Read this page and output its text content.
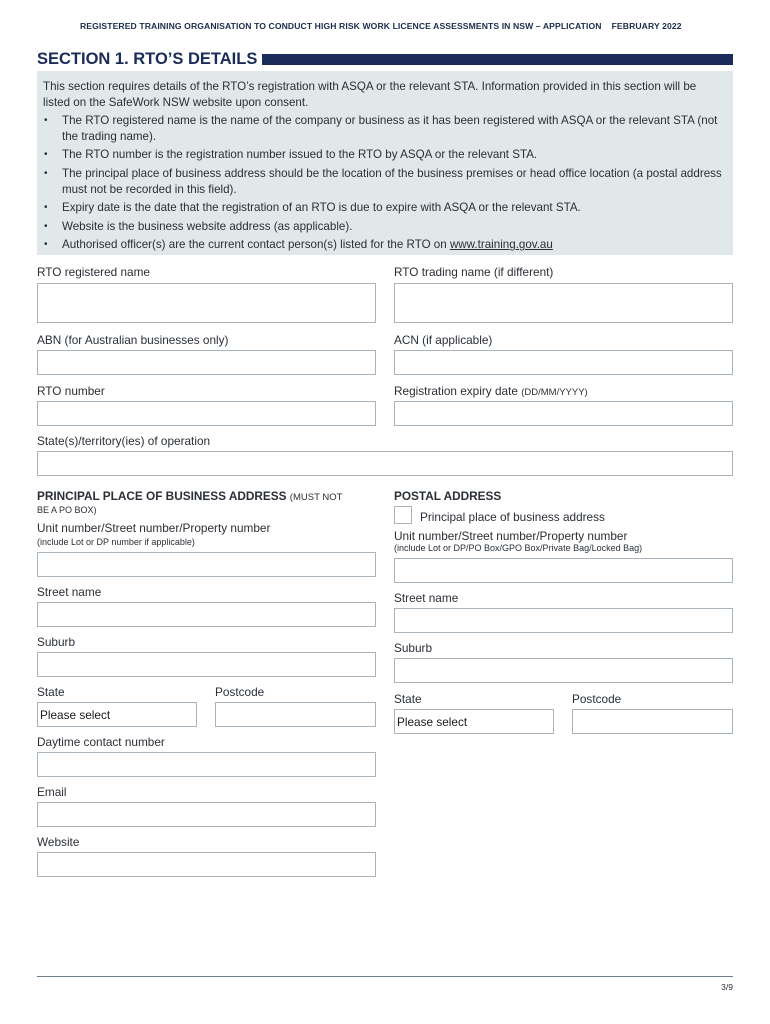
REGISTERED TRAINING ORGANISATION TO CONDUCT HIGH RISK WORK LICENCE ASSESSMENTS IN NSW – APPLICATION FEBRUARY 2022
SECTION 1. RTO’S DETAILS

This section requires details of the RTO’s registration with ASQA or the relevant STA. Information provided in this section will be listed on the SafeWork NSW website upon consent.

• The RTO registered name is the name of the company or business as it has been registered with ASQA or the relevant STA (not the trading name).
• The RTO number is the registration number issued to the RTO by ASQA or the relevant STA.
• The principal place of business address should be the location of the business premises or head office location (a postal address must not be recorded in this field).
• Expiry date is the date that the registration of an RTO is due to expire with ASQA or the relevant STA.
• Website is the business website address (as applicable).
• Authorised officer(s) are the current contact person(s) listed for the RTO on www.training.gov.au
RTO registered name	RTO trading name (if different)
ABN (for Australian businesses only)	ACN (if applicable)
RTO number	Registration expiry date (DD/MM/YYYY)
State(s)/territory(ies) of operation
PRINCIPAL PLACE OF BUSINESS ADDRESS (MUST NOT
BE A PO BOX)
Unit number/Street number/Property number
(include Lot or DP number if applicable)
Street name
Suburb
State
Please select
Postcode
Daytime contact number
Email
Website
POSTAL ADDRESS
Principal place of business address
Unit number/Street number/Property number
(include Lot or DP/PO Box/GPO Box/Private Bag/Locked Bag)
Street name
Suburb
State
Please select
Postcode
3/9
